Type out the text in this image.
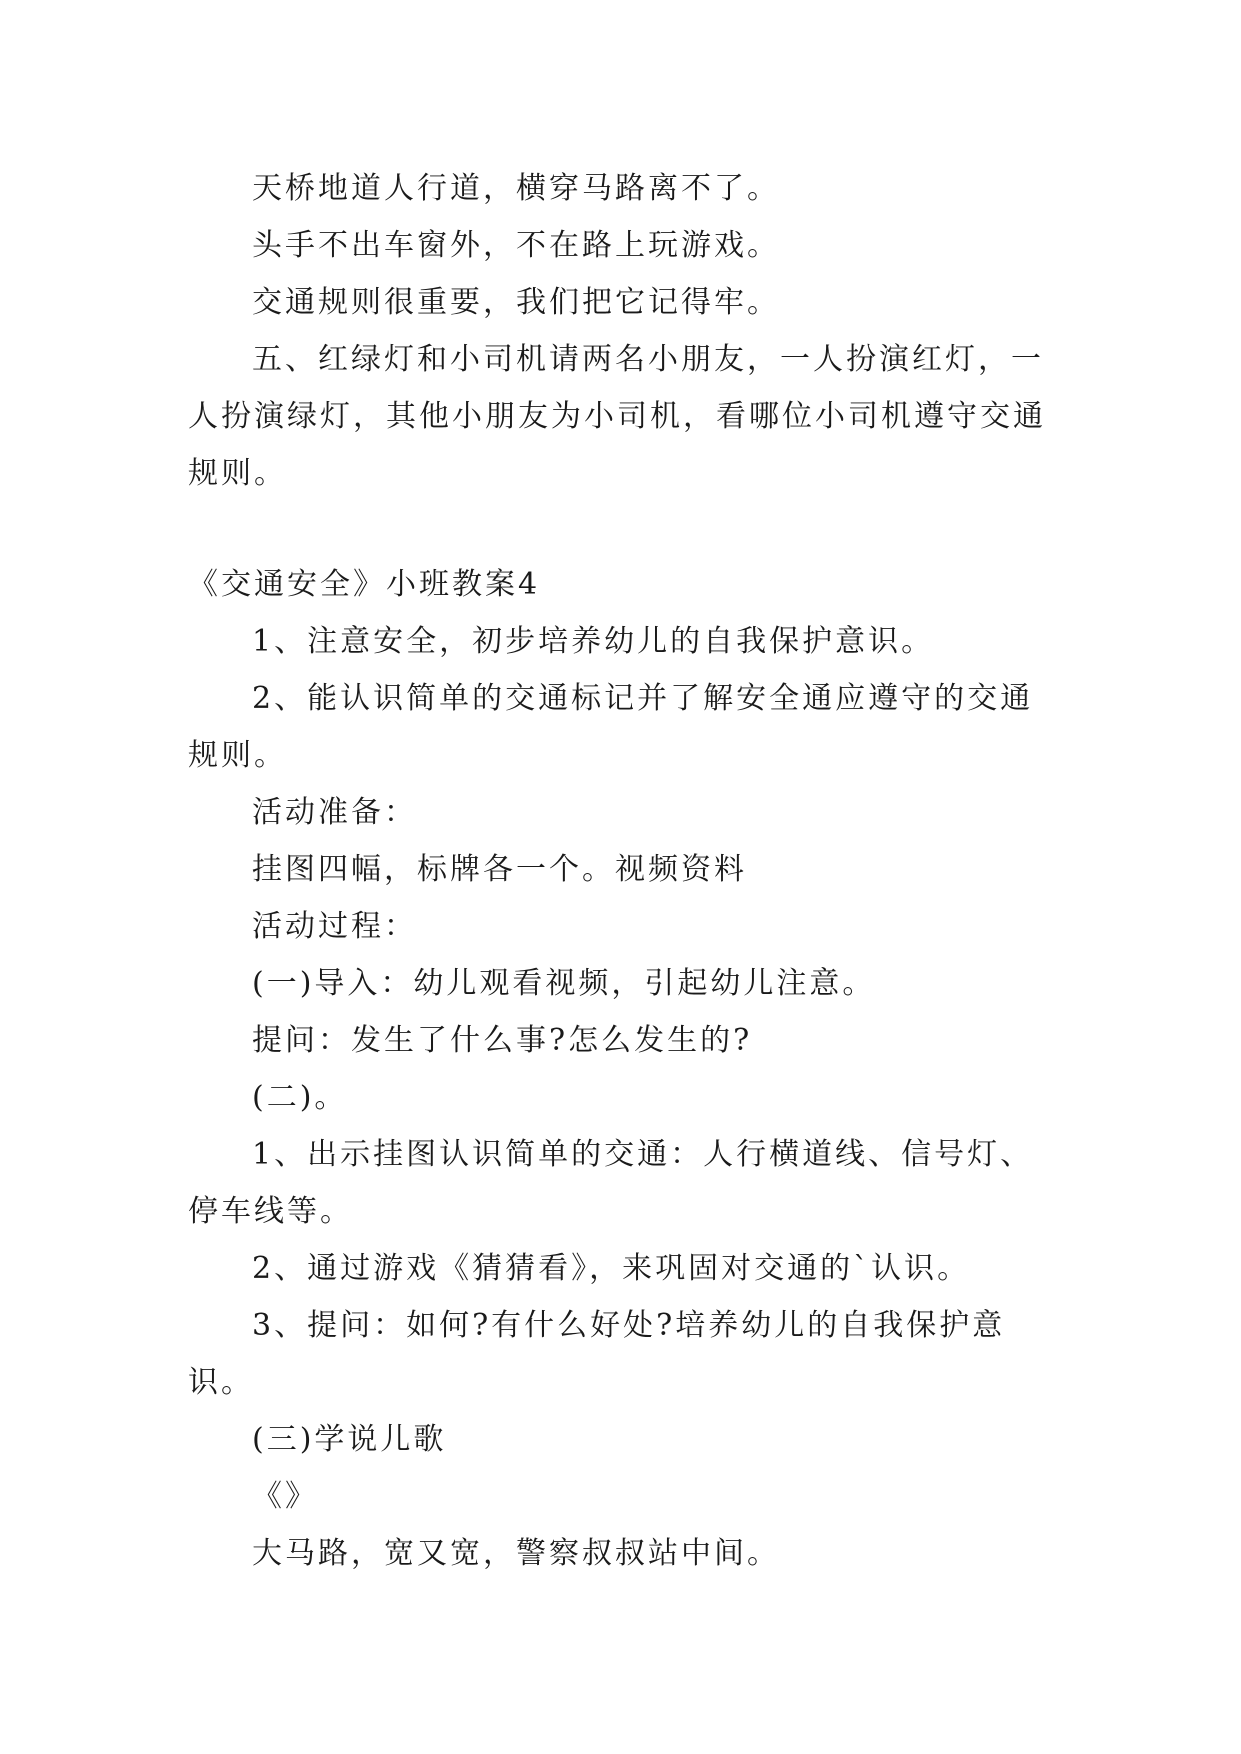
天桥地道人行道，横穿马路离不了。

头手不出车窗外，不在路上玩游戏。

交通规则很重要，我们把它记得牢。

五、红绿灯和小司机请两名小朋友，一人扮演红灯，一人扮演绿灯，其他小朋友为小司机，看哪位小司机遵守交通规则。

《交通安全》小班教案4

1、注意安全，初步培养幼儿的自我保护意识。

2、能认识简单的交通标记并了解安全通应遵守的交通规则。

活动准备：

挂图四幅，标牌各一个。视频资料

活动过程：

(一)导入：幼儿观看视频，引起幼儿注意。

提问：发生了什么事?怎么发生的?

(二)。

1、出示挂图认识简单的交通：人行横道线、信号灯、停车线等。

2、通过游戏《猜猜看》，来巩固对交通的`认识。

3、提问：如何?有什么好处?培养幼儿的自我保护意识。

(三)学说儿歌

《》

大马路，宽又宽，警察叔叔站中间。
